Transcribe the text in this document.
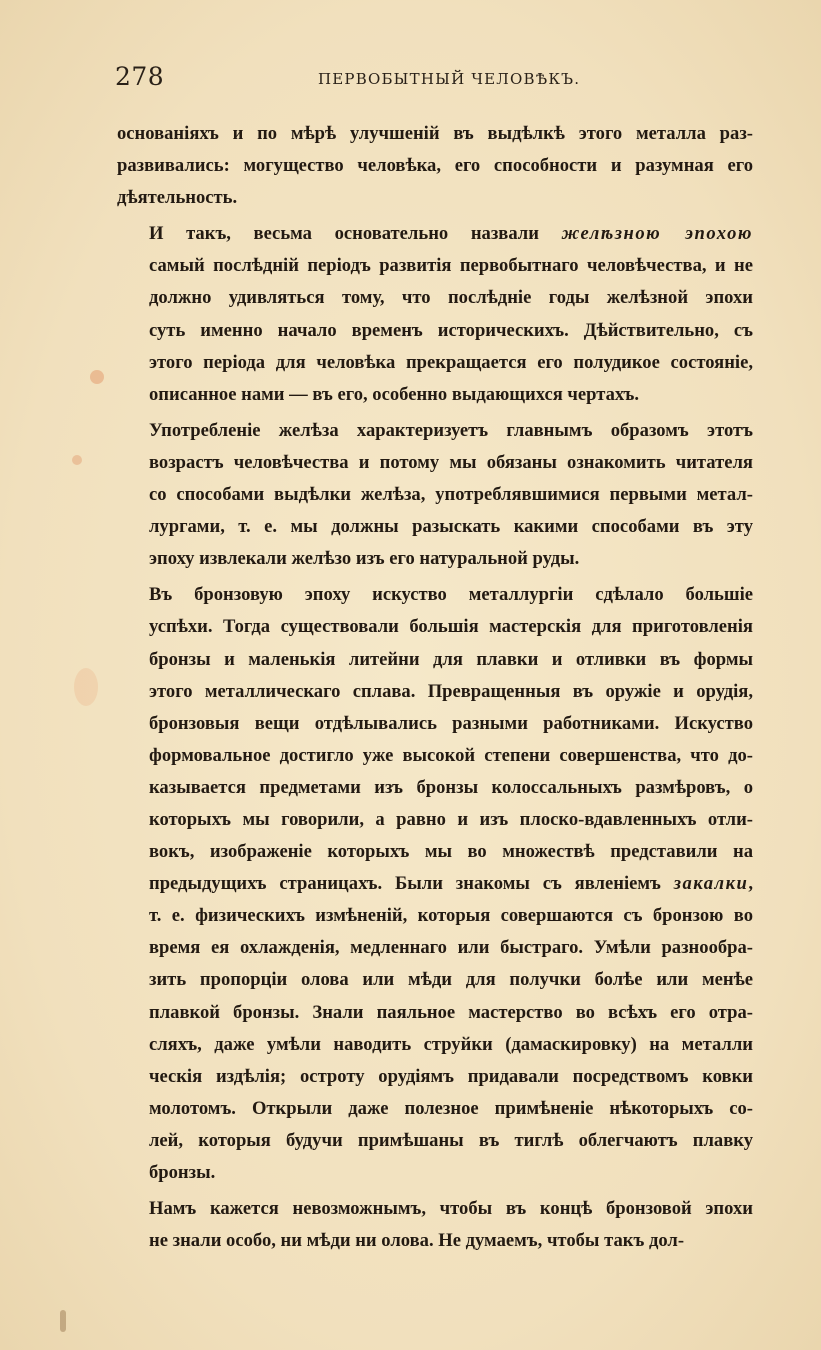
278	ПЕРВОБЫТНЫЙ ЧЕЛОВѢКЪ.
основаніяхъ и по мѣрѣ улучшеній въ выдѣлкѣ этого металла раз-
развивались: могущество человѣка, его способности и разумная его
дѣятельность.
И такъ, весьма основательно назвали желѣзною эпохою
самый послѣдній періодъ развитія первобытнаго человѣчества, и не
должно удивляться тому, что послѣдніе годы желѣзной эпохи
суть именно начало временъ историческихъ. Дѣйствительно, съ
этого періода для человѣка прекращается его полудикое состояніе,
описанное нами — въ его, особенно выдающихся чертахъ.
Употребленіе желѣза характеризуетъ главнымъ образомъ этотъ
возрастъ человѣчества и потому мы обязаны ознакомить читателя
со способами выдѣлки желѣза, употреблявшимися первыми метал-
лургами, т. е. мы должны разыскать какими способами въ эту
эпоху извлекали желѣзо изъ его натуральной руды.
Въ бронзовую эпоху искуство металлургіи сдѣлало большіе
успѣхи. Тогда существовали большія мастерскія для приготовленія
бронзы и маленькія литейни для плавки и отливки въ формы
этого металлическаго сплава. Превращенныя въ оружіе и орудія,
бронзовыя вещи отдѣлывались разными работниками. Искуство
формовальное достигло уже высокой степени совершенства, что до-
казывается предметами изъ бронзы колоссальныхъ размѣровъ, о
которыхъ мы говорили, а равно и изъ плоско-вдавленныхъ отли-
вокъ, изображеніе которыхъ мы во множествѣ представили на
предыдущихъ страницахъ. Были знакомы съ явленіемъ закалки,
т. е. физическихъ измѣненій, которыя совершаются съ бронзою во
время ея охлажденія, медленнаго или быстраго. Умѣли разнообра-
зить пропорціи олова или мѣди для получки болѣе или менѣе
плавкой бронзы. Знали паяльное мастерство во всѣхъ его отра-
сляхъ, даже умѣли наводить струйки (дамаскировку) на металли
ческія издѣлія; остроту орудіямъ придавали посредствомъ ковки
молотомъ. Открыли даже полезное примѣненіе нѣкоторыхъ со-
лей, которыя будучи примѣшаны въ тиглѣ облегчаютъ плавку
бронзы.
Намъ кажется невозможнымъ, чтобы въ концѣ бронзовой эпохи
не знали особо, ни мѣди ни олова. Не думаемъ, чтобы такъ дол-
